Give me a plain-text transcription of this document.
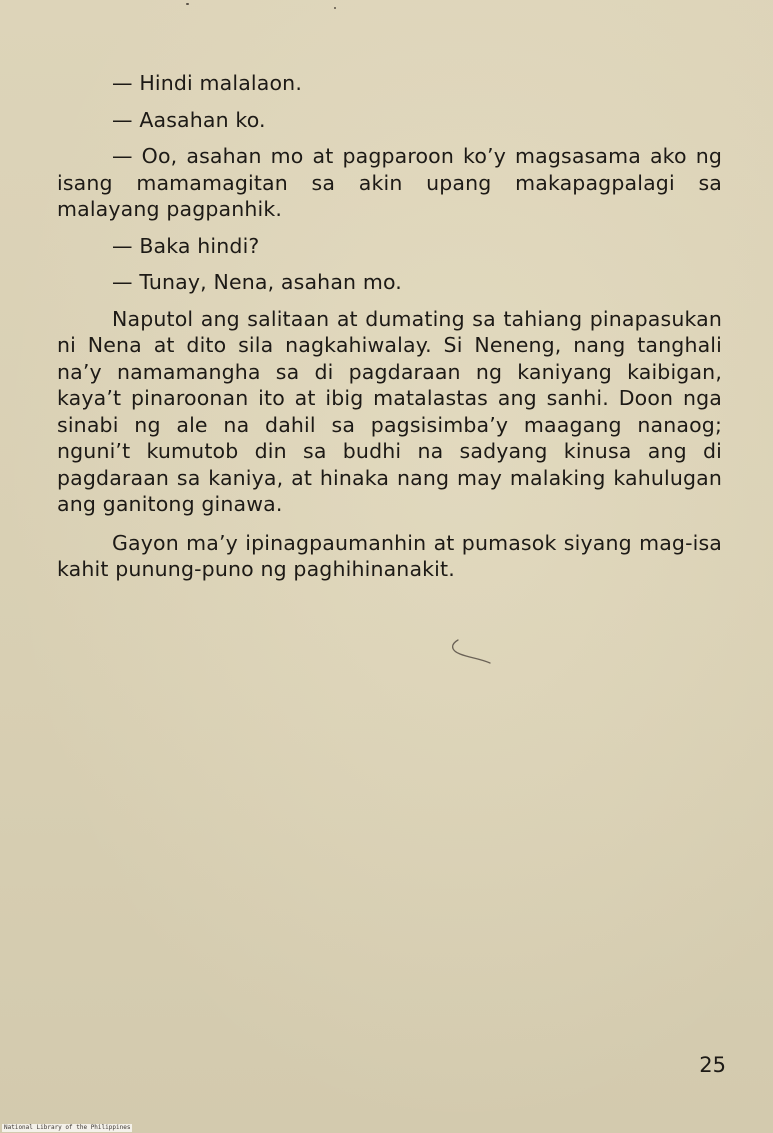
— Hindi malalaon.

— Aasahan ko.

— Oo, asahan mo at pagparoon ko’y magsasama ako ng isang mamamagitan sa akin upang makapagpalagi sa malayang pagpanhik.

— Baka hindi?

— Tunay, Nena, asahan mo.

Naputol ang salitaan at dumating sa tahiang pinapasukan ni Nena at dito sila nagkahiwalay. Si Neneng, nang tanghali na’y namamangha sa di pagdaraan ng kaniyang kaibigan, kaya’t pinaroonan ito at ibig matalastas ang sanhi. Doon nga sinabi ng ale na dahil sa pagsisimba’y maagang nanaog; nguni’t kumutob din sa budhi na sadyang kinusa ang di pagdaraan sa kaniya, at hinaka nang may malaking kahulugan ang ganitong ginawa.

Gayon ma’y ipinagpaumanhin at pumasok siyang mag-isa kahit punung-puno ng paghihinanakit.

25
National Library of the Philippines
